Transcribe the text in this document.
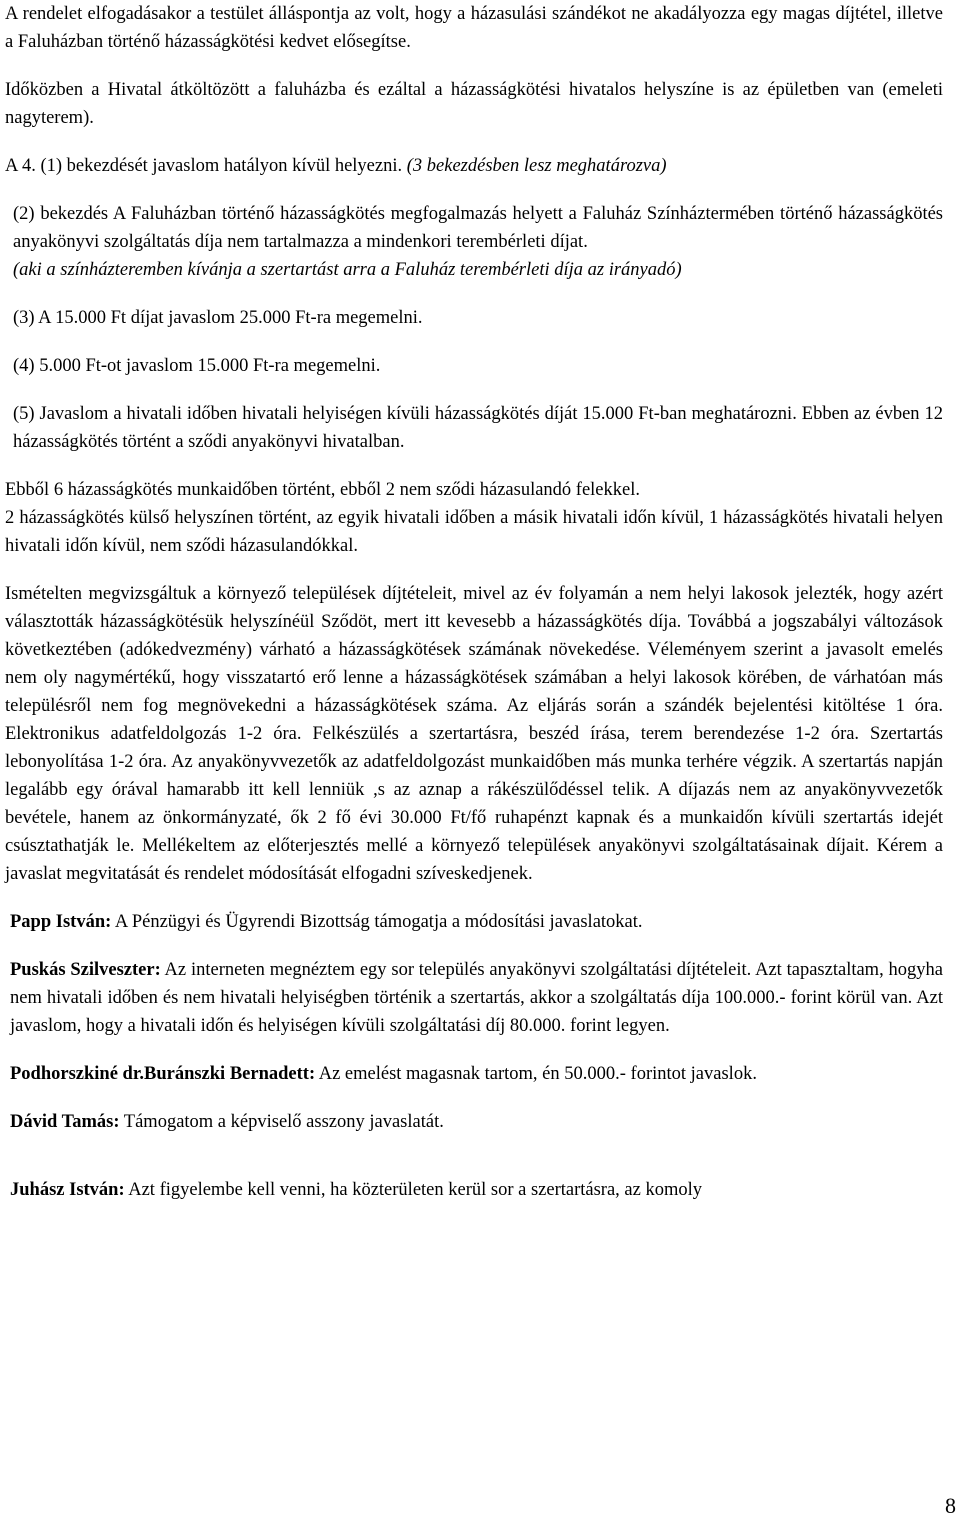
A rendelet elfogadásakor a testület álláspontja az volt, hogy a házasulási szándékot ne akadályozza egy magas díjtétel, illetve a Faluházban történő házasságkötési kedvet elősegítse.

Időközben a Hivatal átköltözött a faluházba és ezáltal a házasságkötési hivatalos helyszíne is az épületben van (emeleti nagyterem).

A 4. (1) bekezdését javaslom hatályon kívül helyezni. (3 bekezdésben lesz meghatározva)

(2) bekezdés A Faluházban történő házasságkötés megfogalmazás helyett a Faluház Színháztermében történő házasságkötés anyakönyvi szolgáltatás díja nem tartalmazza a mindenkori terembérleti díjat.

(aki a színházteremben kívánja a szertartást arra a Faluház terembérleti díja az irányadó)

(3) A 15.000 Ft díjat javaslom 25.000 Ft-ra megemelni.

(4) 5.000 Ft-ot javaslom 15.000 Ft-ra megemelni.

(5) Javaslom a hivatali időben hivatali helyiségen kívüli házasságkötés díját 15.000 Ft-ban meghatározni. Ebben az évben 12 házasságkötés történt a sződi anyakönyvi hivatalban.

Ebből 6 házasságkötés munkaidőben történt, ebből 2 nem sződi házasulandó felekkel.

2 házasságkötés külső helyszínen történt, az egyik hivatali időben a másik hivatali időn kívül, 1 házasságkötés hivatali helyen hivatali időn kívül, nem sződi házasulandókkal.

Ismételten megvizsgáltuk a környező települések díjtételeit, mivel az év folyamán a nem helyi lakosok jelezték, hogy azért választották házasságkötésük helyszínéül Sződöt, mert itt kevesebb a házasságkötés díja. Továbbá a jogszabályi változások következtében (adókedvezmény) várható a házasságkötések számának növekedése. Véleményem szerint a javasolt emelés nem oly nagymértékű, hogy visszatartó erő lenne a házasságkötések számában a helyi lakosok körében, de várhatóan más településről nem fog megnövekedni a házasságkötések száma. Az eljárás során a szándék bejelentési kitöltése 1 óra. Elektronikus adatfeldolgozás 1-2 óra. Felkészülés a szertartásra, beszéd írása, terem berendezése 1-2 óra. Szertartás lebonyolítása 1-2 óra. Az anyakönyvvezetők az adatfeldolgozást munkaidőben más munka terhére végzik. A szertartás napján legalább egy órával hamarabb itt kell lenniük ,s az aznap a rákészülődéssel telik. A díjazás nem az anyakönyvvezetők bevétele, hanem az önkormányzaté, ők 2 fő évi 30.000 Ft/fő ruhapénzt kapnak és a munkaidőn kívüli szertartás idejét csúsztathatják le. Mellékeltem az előterjesztés mellé a környező települések anyakönyvi szolgáltatásainak díjait. Kérem a javaslat megvitatását és rendelet módosítását elfogadni szíveskedjenek.

Papp István: A Pénzügyi és Ügyrendi Bizottság támogatja a módosítási javaslatokat.

Puskás Szilveszter: Az interneten megnéztem egy sor település anyakönyvi szolgáltatási díjtételeit. Azt tapasztaltam, hogyha nem hivatali időben és nem hivatali helyiségben történik a szertartás, akkor a szolgáltatás díja 100.000.- forint körül van. Azt javaslom, hogy a hivatali időn és helyiségen kívüli szolgáltatási díj 80.000. forint legyen.

Podhorszkiné dr.Buránszki Bernadett: Az emelést magasnak tartom, én 50.000.- forintot javaslok.

Dávid Tamás: Támogatom a képviselő asszony javaslatát.

Juhász István: Azt figyelembe kell venni, ha közterületen kerül sor a szertartásra, az komoly

8
